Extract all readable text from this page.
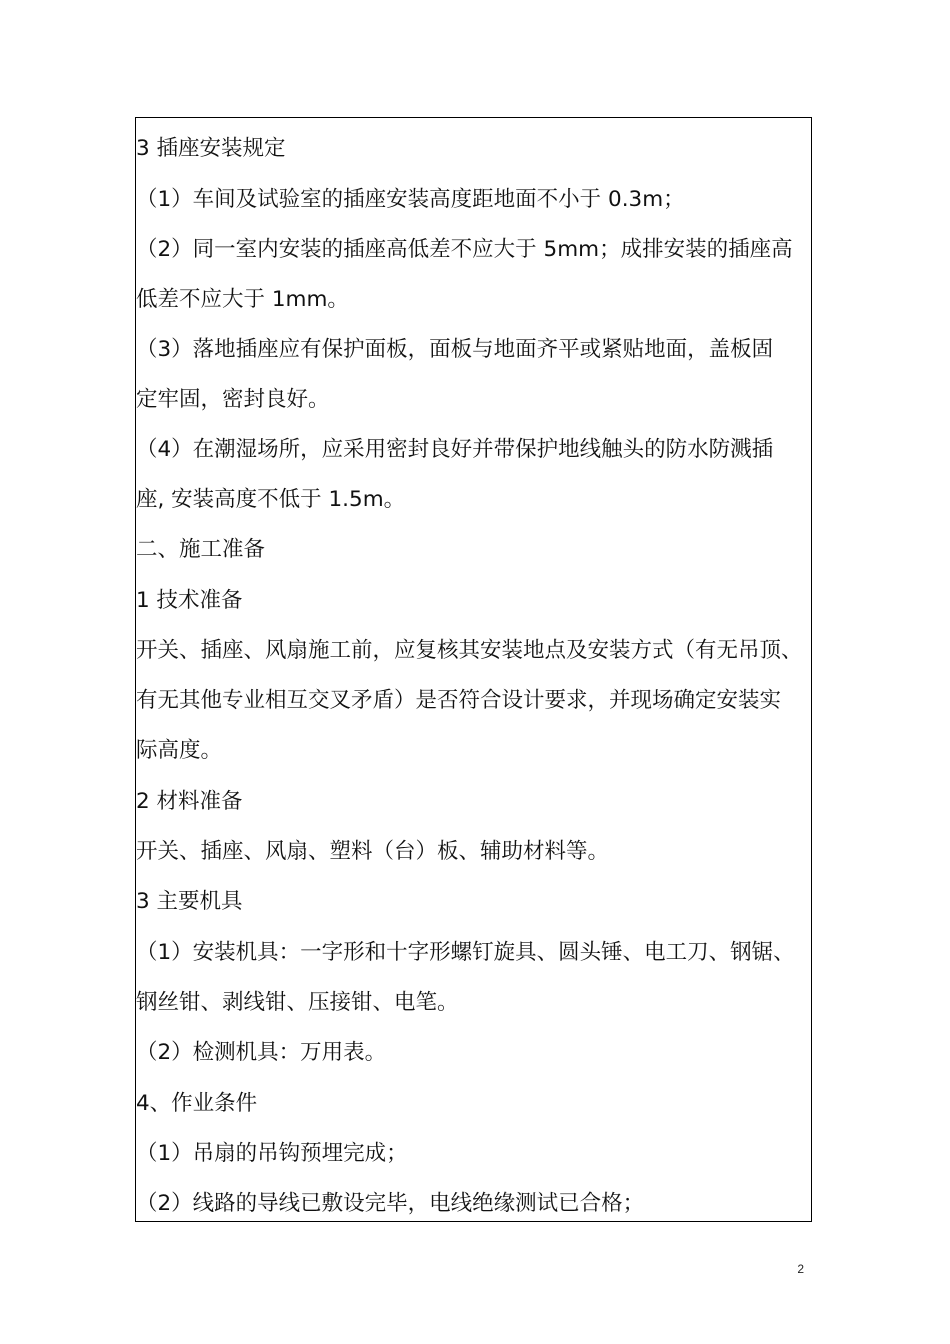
3 插座安装规定
（1）车间及试验室的插座安装高度距地面不小于 0.3m；
（2）同一室内安装的插座高低差不应大于 5mm；成排安装的插座高
低差不应大于 1mm。
（3）落地插座应有保护面板，面板与地面齐平或紧贴地面，盖板固
定牢固，密封良好。
（4）在潮湿场所，应采用密封良好并带保护地线触头的防水防溅插
座, 安装高度不低于 1.5m。
二、施工准备
1 技术准备
开关、插座、风扇施工前，应复核其安装地点及安装方式（有无吊顶、
有无其他专业相互交叉矛盾）是否符合设计要求，并现场确定安装实
际高度。
2 材料准备
开关、插座、风扇、塑料（台）板、辅助材料等。
3 主要机具
（1）安装机具：一字形和十字形螺钉旋具、圆头锤、电工刀、钢锯、
钢丝钳、剥线钳、压接钳、电笔。
（2）检测机具：万用表。
4、作业条件
（1）吊扇的吊钩预埋完成；
（2）线路的导线已敷设完毕，电线绝缘测试已合格；
2
